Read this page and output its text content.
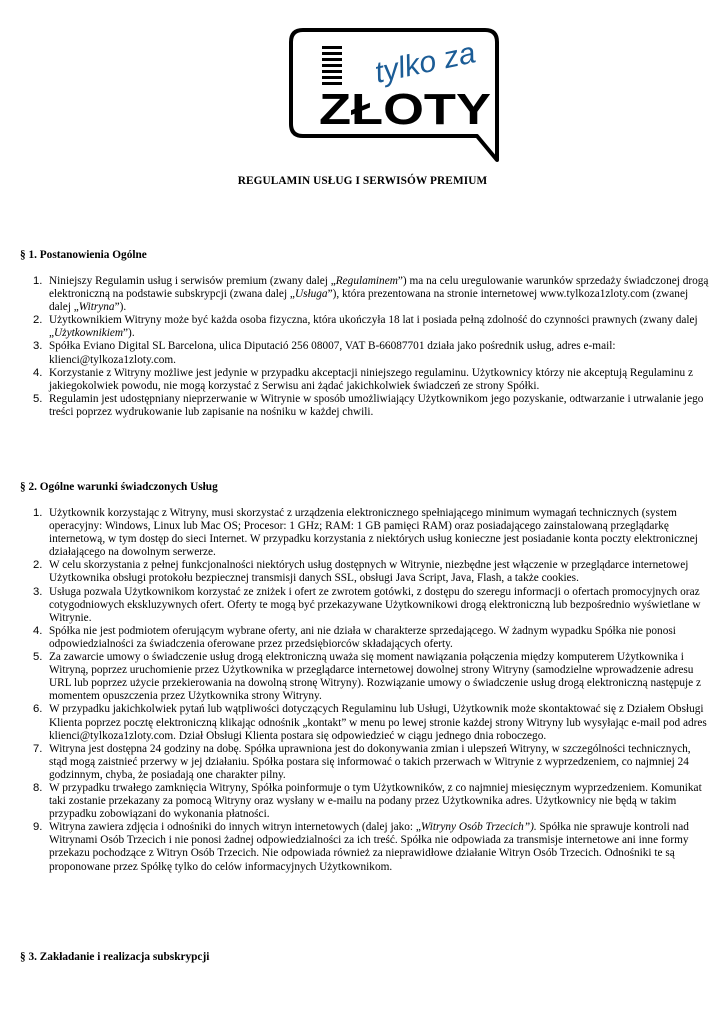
tylko za
ZŁOTY
REGULAMIN USŁUG I SERWISÓW PREMIUM
§ 1. Postanowienia Ogólne
1. Niniejszy Regulamin usług i serwisów premium (zwany dalej „Regulaminem”) ma na celu uregulowanie warunków sprzedaży świadczonej drogą elektroniczną na podstawie subskrypcji (zwana dalej „Usługa”), która prezentowana na stronie internetowej www.tylkoza1zloty.com (zwanej dalej „Witryna”).
2. Użytkownikiem Witryny może być każda osoba fizyczna, która ukończyła 18 lat i posiada pełną zdolność do czynności prawnych (zwany dalej „Użytkownikiem”).
3. Spółka Eviano Digital SL Barcelona, ulica Diputació 256 08007, VAT B-66087701 działa jako pośrednik usług, adres e-mail: klienci@tylkoza1zloty.com.
4. Korzystanie z Witryny możliwe jest jedynie w przypadku akceptacji niniejszego regulaminu. Użytkownicy którzy nie akceptują Regulaminu z jakiegokolwiek powodu, nie mogą korzystać z Serwisu ani żądać jakichkolwiek świadczeń ze strony Spółki.
5. Regulamin jest udostępniany nieprzerwanie w Witrynie w sposób umożliwiający Użytkownikom jego pozyskanie, odtwarzanie i utrwalanie jego treści poprzez wydrukowanie lub zapisanie na nośniku w każdej chwili.
§ 2. Ogólne warunki świadczonych Usług
1. Użytkownik korzystając z Witryny, musi skorzystać z urządzenia elektronicznego spełniającego minimum wymagań technicznych (system operacyjny: Windows, Linux lub Mac OS; Procesor: 1 GHz; RAM: 1 GB pamięci RAM) oraz posiadającego zainstalowaną przeglądarkę internetową, w tym dostęp do sieci Internet. W przypadku korzystania z niektórych usług konieczne jest posiadanie konta poczty elektronicznej działającego na dowolnym serwerze.
2. W celu skorzystania z pełnej funkcjonalności niektórych usług dostępnych w Witrynie, niezbędne jest włączenie w przeglądarce internetowej Użytkownika obsługi protokołu bezpiecznej transmisji danych SSL, obsługi Java Script, Java, Flash, a także cookies.
3. Usługa pozwala Użytkownikom korzystać ze zniżek i ofert ze zwrotem gotówki, z dostępu do szeregu informacji o ofertach promocyjnych oraz cotygodniowych ekskluzywnych ofert. Oferty te mogą być przekazywane Użytkownikowi drogą elektroniczną lub bezpośrednio wyświetlane w Witrynie.
4. Spółka nie jest podmiotem oferującym wybrane oferty, ani nie działa w charakterze sprzedającego. W żadnym wypadku Spółka nie ponosi odpowiedzialności za świadczenia oferowane przez przedsiębiorców składających oferty.
5. Za zawarcie umowy o świadczenie usług drogą elektroniczną uważa się moment nawiązania połączenia między komputerem Użytkownika i Witryną, poprzez uruchomienie przez Użytkownika w przeglądarce internetowej dowolnej strony Witryny (samodzielne wprowadzenie adresu URL lub poprzez użycie przekierowania na dowolną stronę Witryny). Rozwiązanie umowy o świadczenie usług drogą elektroniczną następuje z momentem opuszczenia przez Użytkownika strony Witryny.
6. W przypadku jakichkolwiek pytań lub wątpliwości dotyczących Regulaminu lub Usługi, Użytkownik może skontaktować się z Działem Obsługi Klienta poprzez pocztę elektroniczną klikając odnośnik „kontakt” w menu po lewej stronie każdej strony Witryny lub wysyłając e-mail pod adres klienci@tylkoza1zloty.com. Dział Obsługi Klienta postara się odpowiedzieć w ciągu jednego dnia roboczego.
7. Witryna jest dostępna 24 godziny na dobę. Spółka uprawniona jest do dokonywania zmian i ulepszeń Witryny, w szczególności technicznych, stąd mogą zaistnieć przerwy w jej działaniu. Spółka postara się informować o takich przerwach w Witrynie z wyprzedzeniem, co najmniej 24 godzinnym, chyba, że posiadają one charakter pilny.
8. W przypadku trwałego zamknięcia Witryny, Spółka poinformuje o tym Użytkowników, z co najmniej miesięcznym wyprzedzeniem. Komunikat taki zostanie przekazany za pomocą Witryny oraz wysłany w e-mailu na podany przez Użytkownika adres. Użytkownicy nie będą w takim przypadku zobowiązani do wykonania płatności.
9. Witryna zawiera zdjęcia i odnośniki do innych witryn internetowych (dalej jako: „Witryny Osób Trzecich”). Spółka nie sprawuje kontroli nad Witrynami Osób Trzecich i nie ponosi żadnej odpowiedzialności za ich treść. Spółka nie odpowiada za transmisje internetowe ani inne formy przekazu pochodzące z Witryn Osób Trzecich. Nie odpowiada również za nieprawidłowe działanie Witryn Osób Trzecich. Odnośniki te są proponowane przez Spółkę tylko do celów informacyjnych Użytkownikom.
§ 3. Zakładanie i realizacja subskrypcji
